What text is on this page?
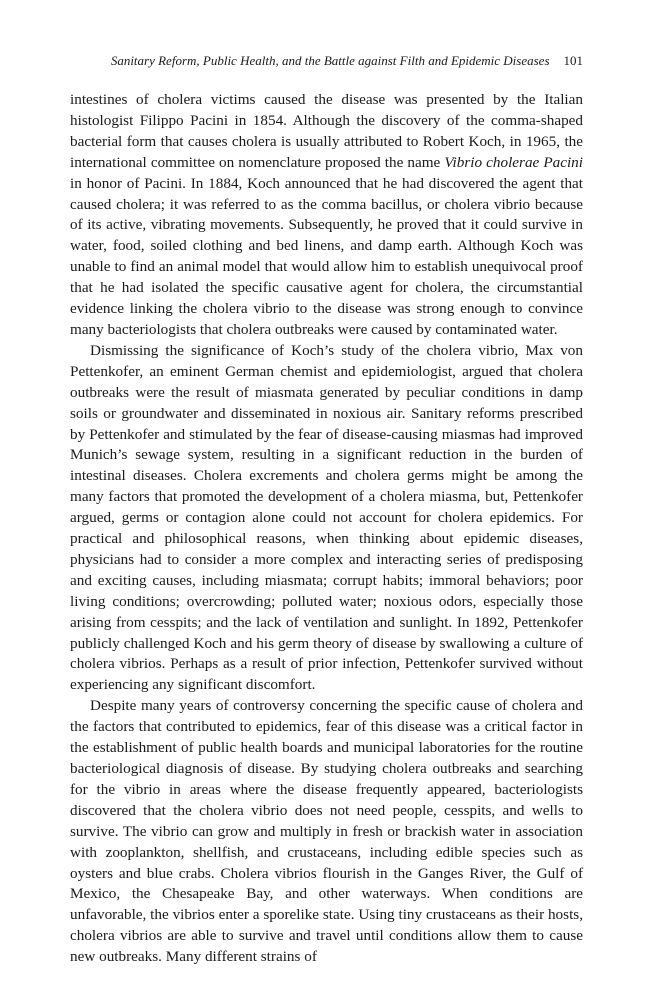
Sanitary Reform, Public Health, and the Battle against Filth and Epidemic Diseases 101

intestines of cholera victims caused the disease was presented by the Italian histologist Filippo Pacini in 1854. Although the discovery of the comma-shaped bacterial form that causes cholera is usually attributed to Robert Koch, in 1965, the international committee on nomenclature proposed the name Vibrio cholerae Pacini in honor of Pacini. In 1884, Koch announced that he had discovered the agent that caused cholera; it was referred to as the comma bacillus, or cholera vibrio because of its active, vibrating movements. Subsequently, he proved that it could survive in water, food, soiled clothing and bed linens, and damp earth. Although Koch was unable to find an animal model that would allow him to establish unequivocal proof that he had isolated the specific causative agent for cholera, the circumstantial evidence linking the cholera vibrio to the disease was strong enough to convince many bacteriologists that cholera outbreaks were caused by contaminated water.

Dismissing the significance of Koch’s study of the cholera vibrio, Max von Pettenkofer, an eminent German chemist and epidemiologist, argued that cholera outbreaks were the result of miasmata generated by peculiar conditions in damp soils or groundwater and disseminated in noxious air. Sanitary reforms prescribed by Pettenkofer and stimulated by the fear of disease-causing miasmas had improved Munich’s sewage system, resulting in a significant reduction in the burden of intestinal diseases. Cholera excrements and cholera germs might be among the many factors that promoted the development of a cholera miasma, but, Pettenkofer argued, germs or contagion alone could not account for cholera epidemics. For practical and philosophical reasons, when thinking about epidemic diseases, physicians had to consider a more complex and interacting series of predisposing and exciting causes, including miasmata; corrupt habits; immoral behaviors; poor living conditions; overcrowding; polluted water; noxious odors, especially those arising from cesspits; and the lack of ventilation and sunlight. In 1892, Pettenkofer publicly challenged Koch and his germ theory of disease by swallowing a culture of cholera vibrios. Perhaps as a result of prior infection, Pettenkofer survived without experiencing any significant discomfort.

Despite many years of controversy concerning the specific cause of cholera and the factors that contributed to epidemics, fear of this disease was a critical factor in the establishment of public health boards and municipal laboratories for the routine bacteriological diagnosis of disease. By studying cholera outbreaks and searching for the vibrio in areas where the disease frequently appeared, bacteriologists discovered that the cholera vibrio does not need people, cesspits, and wells to survive. The vibrio can grow and multiply in fresh or brackish water in association with zooplankton, shellfish, and crustaceans, including edible species such as oysters and blue crabs. Cholera vibrios flourish in the Ganges River, the Gulf of Mexico, the Chesapeake Bay, and other waterways. When conditions are unfavorable, the vibrios enter a sporelike state. Using tiny crustaceans as their hosts, cholera vibrios are able to survive and travel until conditions allow them to cause new outbreaks. Many different strains of
